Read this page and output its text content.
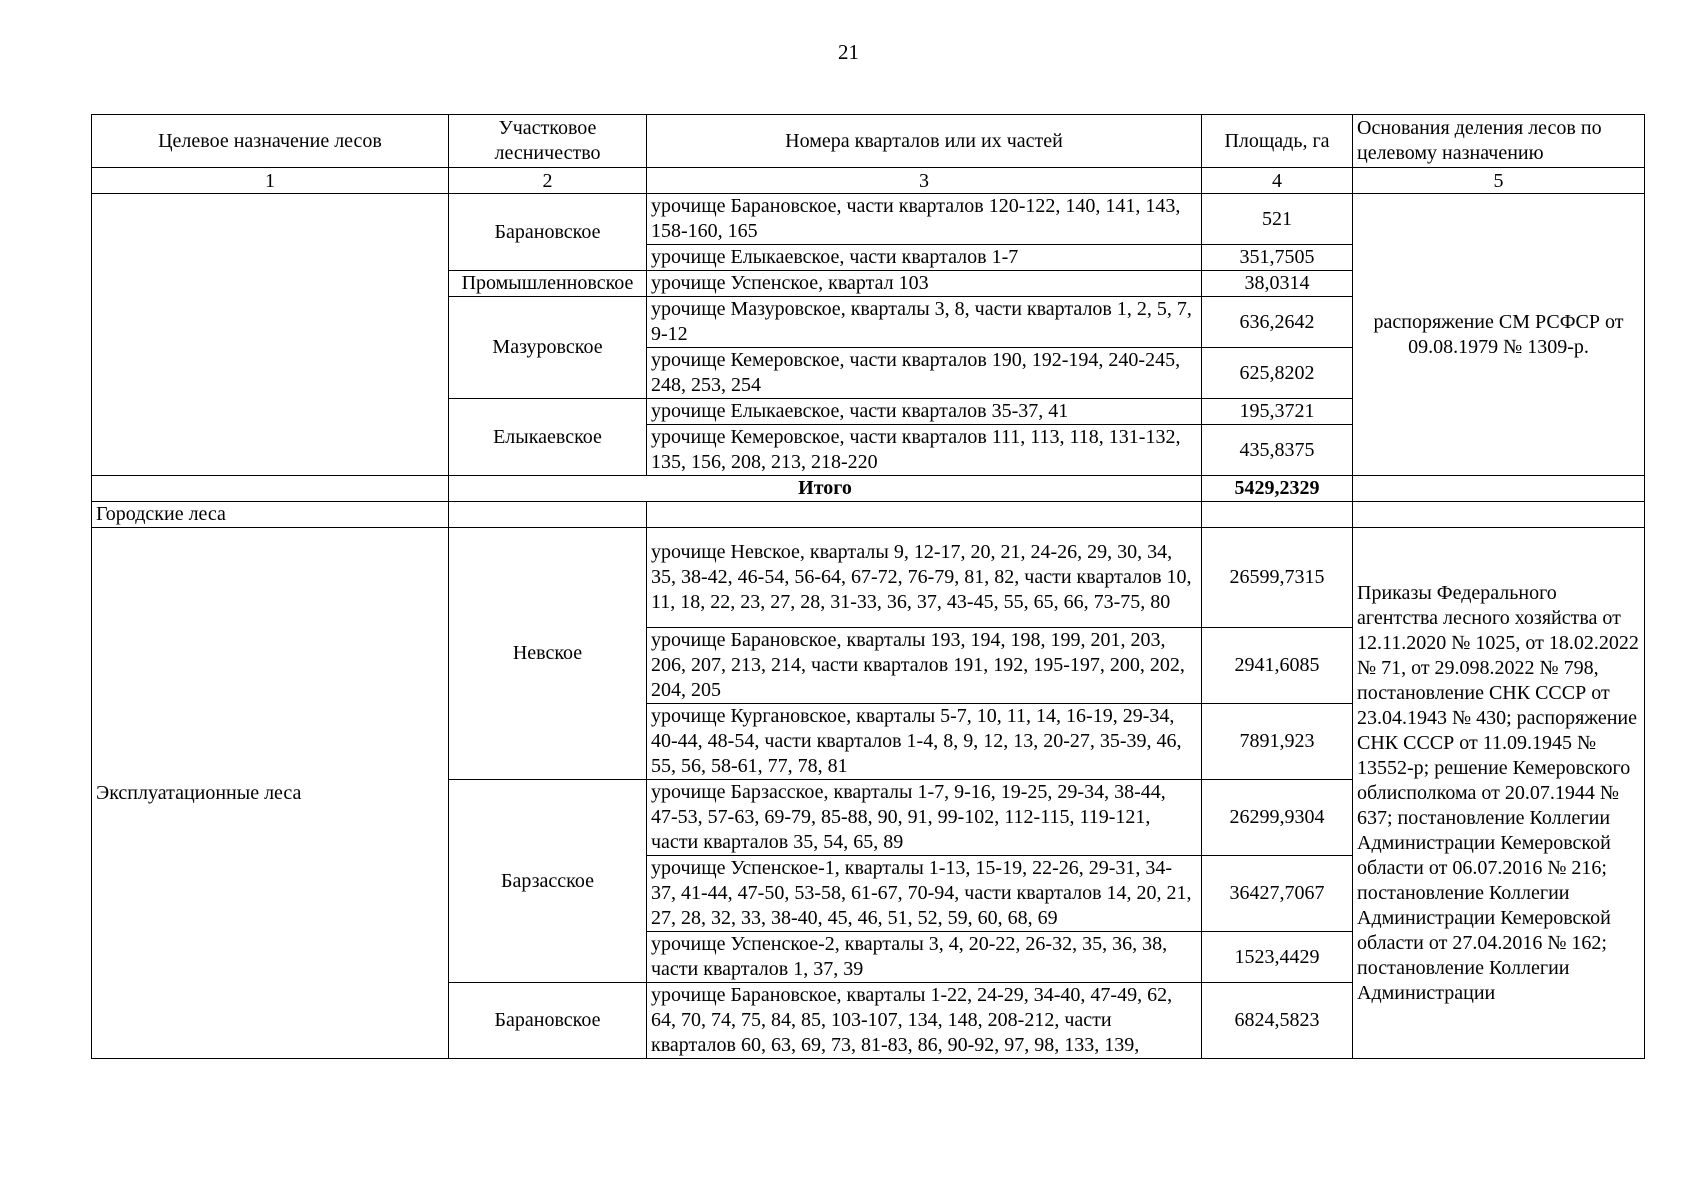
21
Целевое назначение лесов	Участковое лесничество	Номера кварталов или их частей	Площадь, га	Основания деления лесов по целевому назначению
1	2	3	4	5
	Барановское	урочище Барановское, части кварталов 120-122, 140, 141, 143, 158-160, 165	521	распоряжение СМ РСФСР от 09.08.1979 № 1309-р.
		урочище Елыкаевское, части кварталов 1-7	351,7505	
	Промышленновское	урочище Успенское, квартал 103	38,0314	
	Мазуровское	урочище Мазуровское, кварталы 3, 8, части кварталов 1, 2, 5, 7, 9-12	636,2642	
		урочище Кемеровское, части кварталов 190, 192-194, 240-245, 248, 253, 254	625,8202	
	Елыкаевское	урочище Елыкаевское, части кварталов 35-37, 41	195,3721	
		урочище Кемеровское, части кварталов 111, 113, 118, 131-132, 135, 156, 208, 213, 218-220	435,8375	
	Итого		5429,2329	
Городские леса				
Эксплуатационные леса	Невское	урочище Невское, кварталы 9, 12-17, 20, 21, 24-26, 29, 30, 34, 35, 38-42, 46-54, 56-64, 67-72, 76-79, 81, 82, части кварталов 10, 11, 18, 22, 23, 27, 28, 31-33, 36, 37, 43-45, 55, 65, 66, 73-75, 80	26599,7315	Приказы Федерального агентства лесного хозяйства от 12.11.2020 № 1025, от 18.02.2022 № 71, от 29.098.2022 № 798, постановление СНК СССР от 23.04.1943 № 430; распоряжение СНК СССР от 11.09.1945 № 13552-р; решение Кемеровского облисполкома от 20.07.1944 № 637; постановление Коллегии Администрации Кемеровской области от 06.07.2016 № 216; постановление Коллегии Администрации Кемеровской области от 27.04.2016 № 162; постановление Коллегии Администрации
		урочище Барановское, кварталы 193, 194, 198, 199, 201, 203, 206, 207, 213, 214, части кварталов 191, 192, 195-197, 200, 202, 204, 205	2941,6085	
		урочище Кургановское, кварталы 5-7, 10, 11, 14, 16-19, 29-34, 40-44, 48-54, части кварталов 1-4, 8, 9, 12, 13, 20-27, 35-39, 46, 55, 56, 58-61, 77, 78, 81	7891,923	
	Барзасское	урочище Барзасское, кварталы 1-7, 9-16, 19-25, 29-34, 38-44, 47-53, 57-63, 69-79, 85-88, 90, 91, 99-102, 112-115, 119-121, части кварталов 35, 54, 65, 89	26299,9304	
		урочище Успенское-1, кварталы 1-13, 15-19, 22-26, 29-31, 34-37, 41-44, 47-50, 53-58, 61-67, 70-94, части кварталов 14, 20, 21, 27, 28, 32, 33, 38-40, 45, 46, 51, 52, 59, 60, 68, 69	36427,7067	
		урочище Успенское-2, кварталы 3, 4, 20-22, 26-32, 35, 36, 38, части кварталов 1, 37, 39	1523,4429	
	Барановское	урочище Барановское, кварталы 1-22, 24-29, 34-40, 47-49, 62, 64, 70, 74, 75, 84, 85, 103-107, 134, 148, 208-212, части кварталов 60, 63, 69, 73, 81-83, 86, 90-92, 97, 98, 133, 139,	6824,5823	
